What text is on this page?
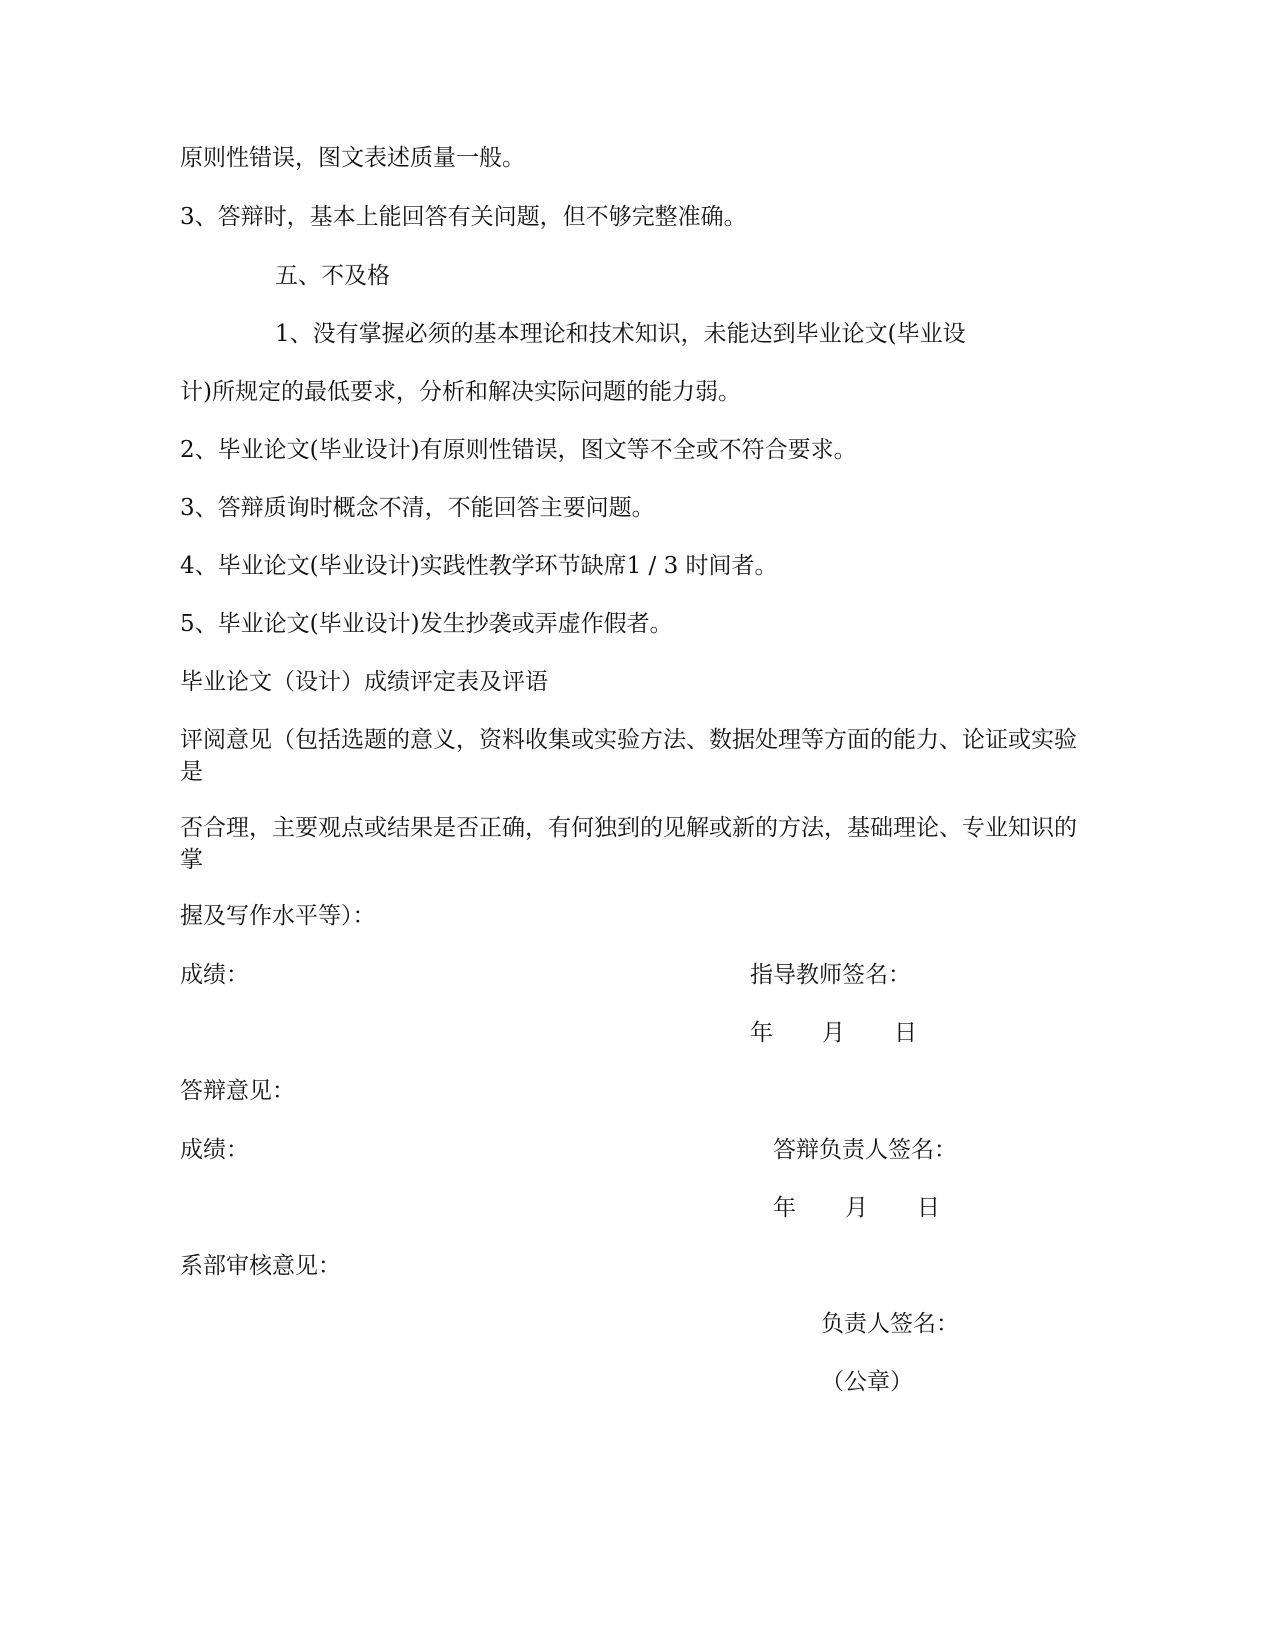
原则性错误，图文表述质量一般。
3、答辩时，基本上能回答有关问题，但不够完整准确。
五、不及格
1、没有掌握必须的基本理论和技术知识，未能达到毕业论文(毕业设
计)所规定的最低要求，分析和解决实际问题的能力弱。
2、毕业论文(毕业设计)有原则性错误，图文等不全或不符合要求。
3、答辩质询时概念不清，不能回答主要问题。
4、毕业论文(毕业设计)实践性教学环节缺席1 / 3 时间者。
5、毕业论文(毕业设计)发生抄袭或弄虚作假者。
毕业论文（设计）成绩评定表及评语
评阅意见（包括选题的意义，资料收集或实验方法、数据处理等方面的能力、论证或实验是
否合理，主要观点或结果是否正确，有何独到的见解或新的方法，基础理论、专业知识的掌
握及写作水平等）：
成绩：	指导教师签名：
年 月 日
答辩意见：
成绩：	答辩负责人签名：
年 月 日
系部审核意见：
负责人签名：
（公章）
